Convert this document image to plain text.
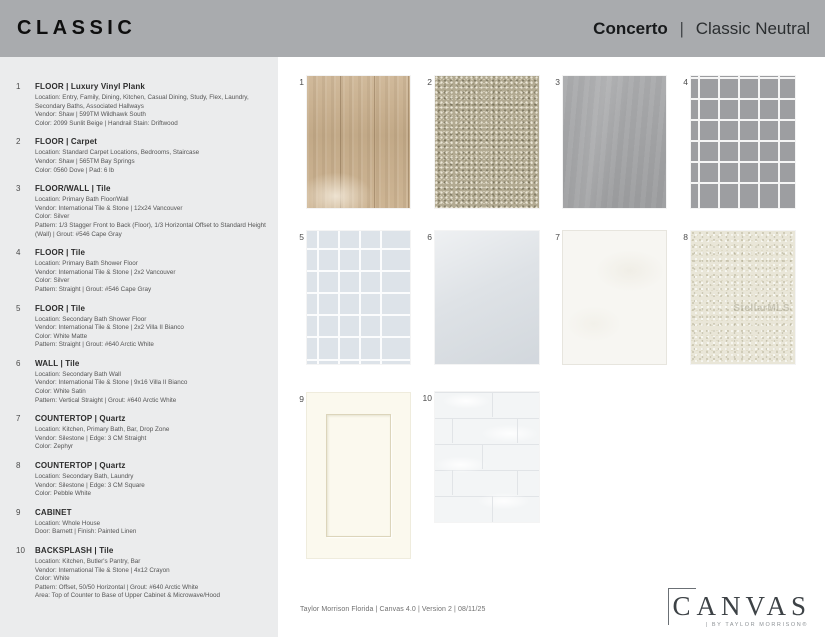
CLASSIC	Concerto | Classic Neutral
1	FLOOR | Luxury Vinyl Plank
Location: Entry, Family, Dining, Kitchen, Casual Dining, Study, Flex, Laundry, Secondary Baths, Associated Hallways
Vendor: Shaw | 599TM Wildhawk South
Color: 2099 Sunlit Beige | Handrail Stain: Driftwood
2	FLOOR | Carpet
Location: Standard Carpet Locations, Bedrooms, Staircase
Vendor: Shaw | 565TM Bay Springs
Color: 0560 Dove | Pad: 6 lb
3	FLOOR/WALL | Tile
Location: Primary Bath Floor/Wall
Vendor: International Tile & Stone | 12x24 Vancouver
Color: Silver
Pattern: 1/3 Stagger Front to Back (Floor), 1/3 Horizontal Offset to Standard Height (Wall) | Grout: #546 Cape Gray
4	FLOOR | Tile
Location: Primary Bath Shower Floor
Vendor: International Tile & Stone | 2x2 Vancouver
Color: Silver
Pattern: Straight | Grout: #546 Cape Gray
5	FLOOR | Tile
Location: Secondary Bath Shower Floor
Vendor: International Tile & Stone | 2x2 Villa II Bianco
Color: White Matte
Pattern: Straight | Grout: #640 Arctic White
6	WALL | Tile
Location: Secondary Bath Wall
Vendor: International Tile & Stone | 9x16 Villa II Bianco
Color: White Satin
Pattern: Vertical Straight | Grout: #640 Arctic White
7	COUNTERTOP | Quartz
Location: Kitchen, Primary Bath, Bar, Drop Zone
Vendor: Silestone | Edge: 3 CM Straight
Color: Zephyr
8	COUNTERTOP | Quartz
Location: Secondary Bath, Laundry
Vendor: Silestone | Edge: 3 CM Square
Color: Pebble White
9	CABINET
Location: Whole House
Door: Barnett | Finish: Painted Linen
10	BACKSPLASH | Tile
Location: Kitchen, Butler's Pantry, Bar
Vendor: International Tile & Stone | 4x12 Crayon
Color: White
Pattern: Offset, 50/50 Horizontal | Grout: #640 Arctic White
Area: Top of Counter to Base of Upper Cabinet & Microwave/Hood
1	2	3	4
5	6	7	8
StellarMLS
9	10
Taylor Morrison Florida | Canvas 4.0 | Version 2 | 08/11/25	CANVAS
| BY TAYLOR MORRISON®
